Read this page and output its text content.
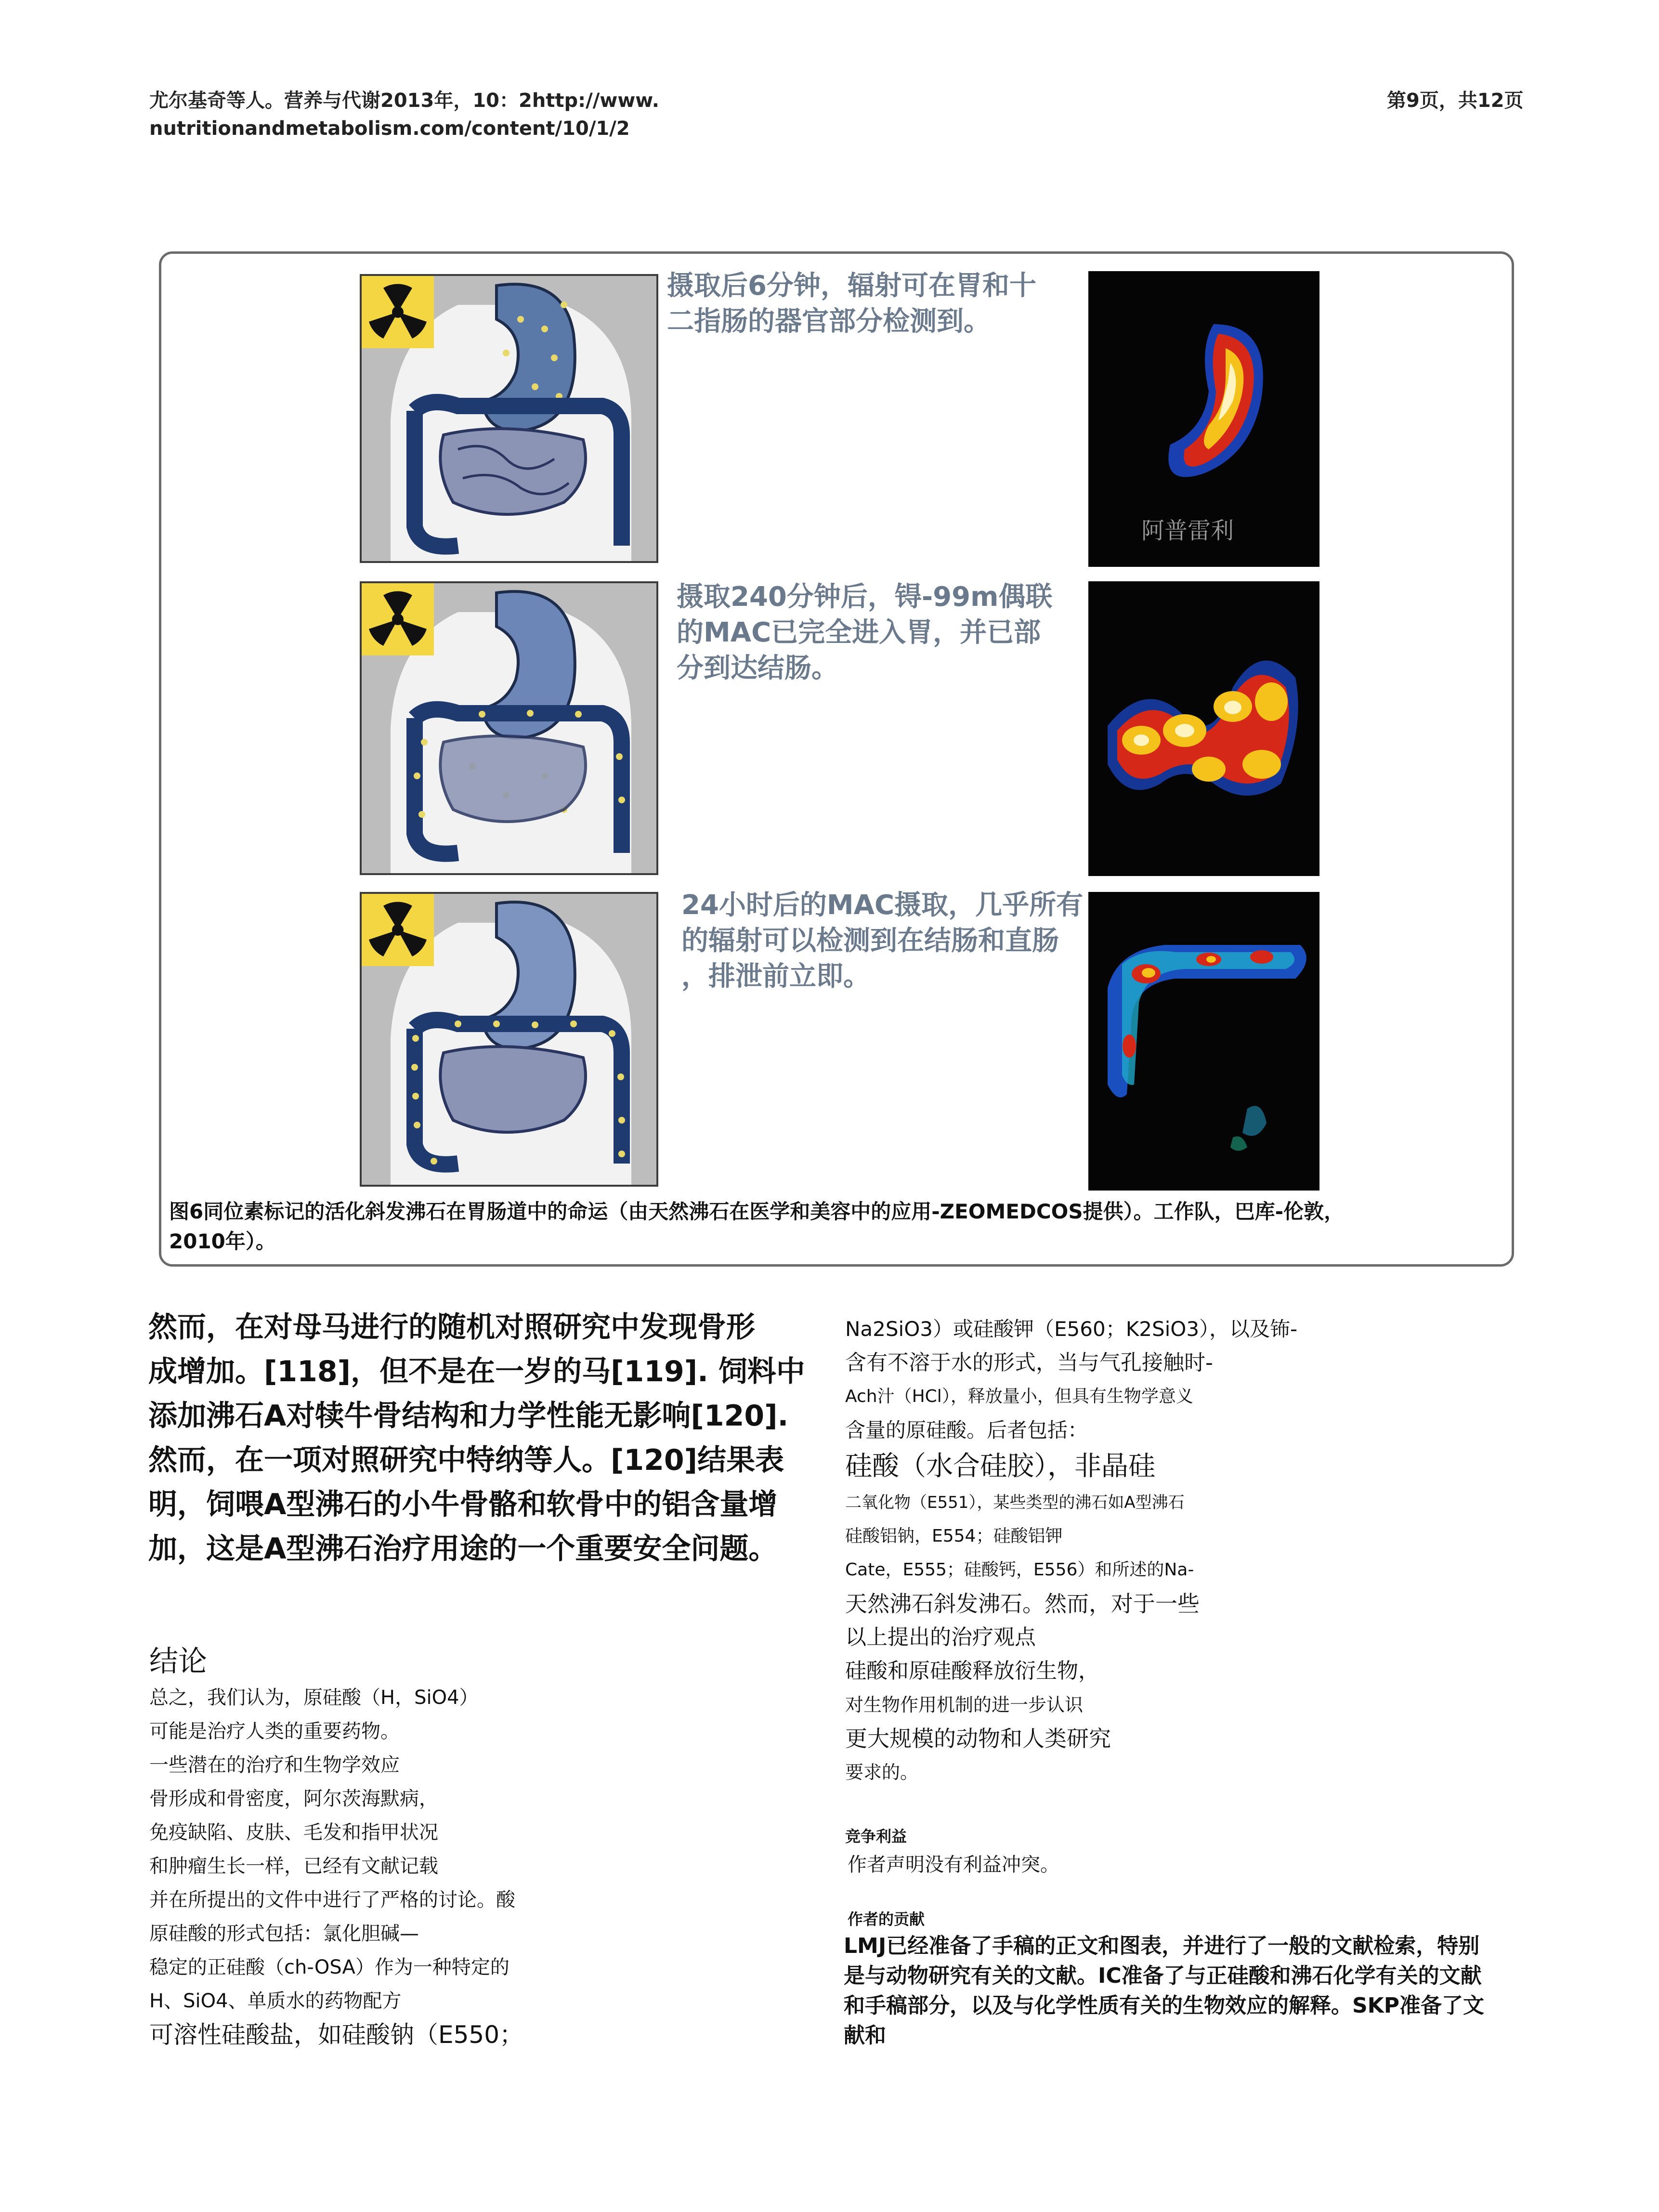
尤尔基奇等人。营养与代谢2013年，10：2http://www.
nutritionandmetabolism.com/content/10/1/2
第9页，共12页
摄取后6分钟，辐射可在胃和十
二指肠的器官部分检测到。
阿普雷利
摄取240分钟后，锝-99m偶联
的MAC已完全进入胃，并已部
分到达结肠。
24小时后的MAC摄取，几乎所有
的辐射可以检测到在结肠和直肠
，排泄前立即。
图6同位素标记的活化斜发沸石在胃肠道中的命运（由天然沸石在医学和美容中的应用-ZEOMEDCOS提供）。工作队，巴库-伦敦，
2010年）。
然而，在对母马进行的随机对照研究中发现骨形
成增加。[118]，但不是在一岁的马[119]. 饲料中
添加沸石A对犊牛骨结构和力学性能无影响[120].
然而，在一项对照研究中特纳等人。[120]结果表
明，饲喂A型沸石的小牛骨骼和软骨中的铝含量增
加，这是A型沸石治疗用途的一个重要安全问题。
结论
总之，我们认为，原硅酸（H，SiO4）
可能是治疗人类的重要药物。
一些潜在的治疗和生物学效应
骨形成和骨密度，阿尔茨海默病，
免疫缺陷、皮肤、毛发和指甲状况
和肿瘤生长一样，已经有文献记载
并在所提出的文件中进行了严格的讨论。酸
原硅酸的形式包括：氯化胆碱—
稳定的正硅酸（ch-OSA）作为一种特定的
H、SiO4、单质水的药物配方
可溶性硅酸盐，如硅酸钠（E550；
Na2SiO3）或硅酸钾（E560；K2SiO3），以及钸-
含有不溶于水的形式，当与气孔接触时-
Ach汁（HCl），释放量小，但具有生物学意义
含量的原硅酸。后者包括：
硅酸（水合硅胶），非晶硅
二氧化物（E551），某些类型的沸石如A型沸石
硅酸铝钠，E554；硅酸铝钾
Cate，E555；硅酸钙，E556）和所述的Na-
天然沸石斜发沸石。然而，对于一些
以上提出的治疗观点
硅酸和原硅酸释放衍生物，
对生物作用机制的进一步认识
更大规模的动物和人类研究
要求的。
竞争利益
作者声明没有利益冲突。
作者的贡献
LMJ已经准备了手稿的正文和图表，并进行了一般的文献检索，特别
是与动物研究有关的文献。IC准备了与正硅酸和沸石化学有关的文献
和手稿部分，以及与化学性质有关的生物效应的解释。SKP准备了文
献和
